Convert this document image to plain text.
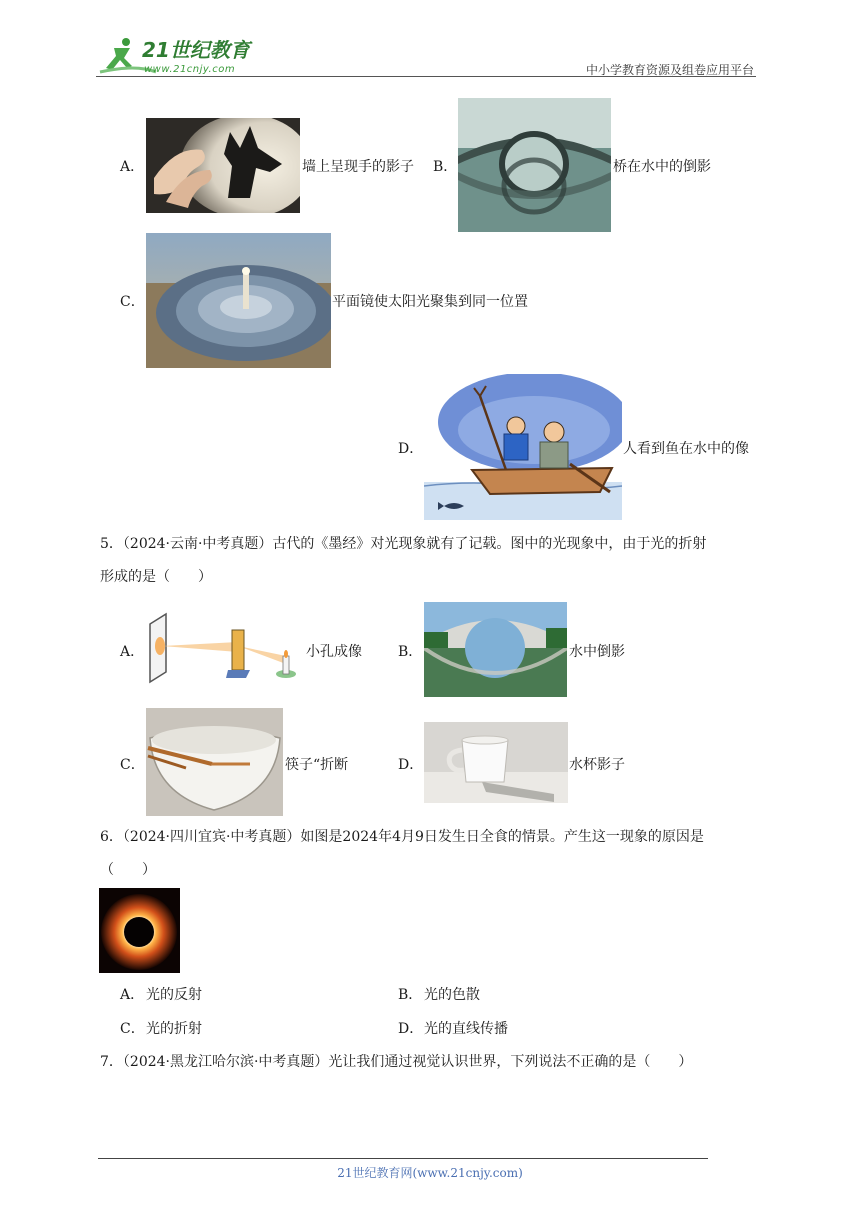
21世纪教育
www.21cnjy.com	中小学教育资源及组卷应用平台
A．	墙上呈现手的影子 B．	桥在水中的倒影
C．	平面镜使太阳光聚集到同一位置
D．	人看到鱼在水中的像
5．（2024·云南·中考真题）古代的《墨经》对光现象就有了记载。图中的光现象中，由于光的折射
形成的是（　　）
A．	小孔成像	B．	水中倒影
C．	筷子“折断	D．	水杯影子
6．（2024·四川宜宾·中考真题）如图是2024年4月9日发生日全食的情景。产生这一现象的原因是
（　　）
A． 光的反射	B． 光的色散
C． 光的折射	D． 光的直线传播
7．（2024·黑龙江哈尔滨·中考真题）光让我们通过视觉认识世界，下列说法不正确的是（　　）
21世纪教育网(www.21cnjy.com)
